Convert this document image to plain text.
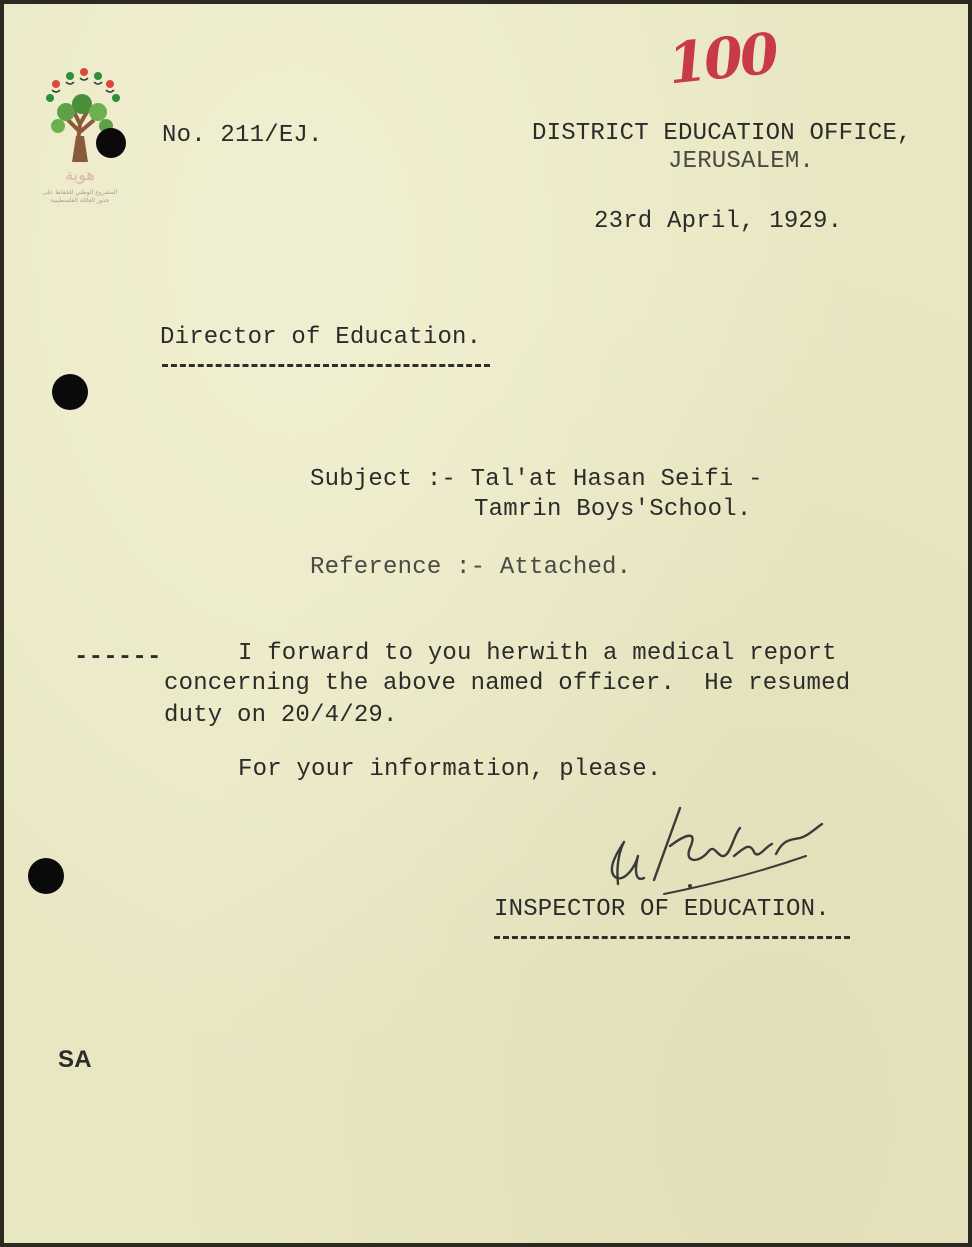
100
هوية
المشروع الوطني للحفاظ على
جذور العائلة الفلسطينية
No. 211/EJ.	DISTRICT EDUCATION OFFICE,
JERUSALEM.
23rd April, 1929.
Director of Education.
Subject :- Tal'at Hasan Seifi -
Tamrin Boys'School.
Reference :- Attached.
------	I forward to you herwith a medical report
concerning the above named officer.  He resumed
duty on 20/4/29.
For your information, please.
INSPECTOR OF EDUCATION.
SA
